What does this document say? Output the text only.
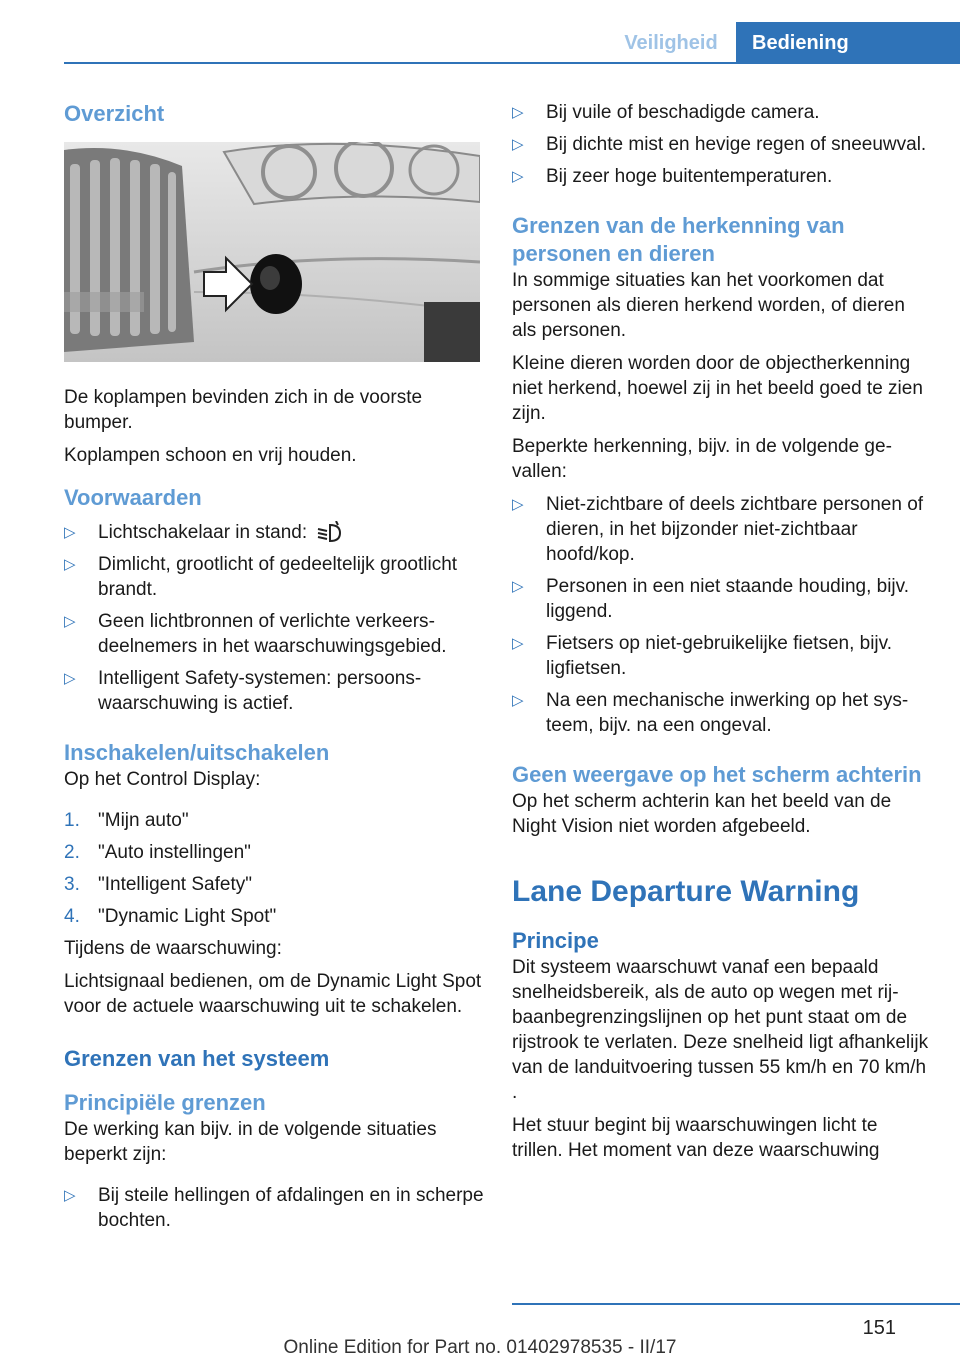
Veiligheid	Bediening
Overzicht

De koplampen bevinden zich in de voorste bumper.

Koplampen schoon en vrij houden.

Voorwaarden
▷ Lichtschakelaar in stand:
▷ Dimlicht, grootlicht of gedeeltelijk grootlicht brandt.
▷ Geen lichtbronnen of verlichte verkeersdeelnemers in het waarschuwingsgebied.
▷ Intelligent Safety-systemen: persoonswaarschuwing is actief.
Inschakelen/uitschakelen

Op het Control Display:

1. "Mijn auto"
2. "Auto instellingen"
3. "Intelligent Safety"
4. "Dynamic Light Spot"

Tijdens de waarschuwing:

Lichtsignaal bedienen, om de Dynamic Light Spot voor de actuele waarschuwing uit te schakelen.

Grenzen van het systeem
Principiële grenzen

De werking kan bijv. in de volgende situaties beperkt zijn:

▷ Bij steile hellingen of afdalingen en in scherpe bochten.
▷ Bij vuile of beschadigde camera.
▷ Bij dichte mist en hevige regen of sneeuwval.
▷ Bij zeer hoge buitentemperaturen.
Grenzen van de herkenning van personen en dieren

In sommige situaties kan het voorkomen dat personen als dieren herkend worden, of dieren als personen.

Kleine dieren worden door de objectherkenning niet herkend, hoewel zij in het beeld goed te zien zijn.

Beperkte herkenning, bijv. in de volgende gevallen:

▷ Niet-zichtbare of deels zichtbare personen of dieren, in het bijzonder niet-zichtbaar hoofd/kop.
▷ Personen in een niet staande houding, bijv. liggend.
▷ Fietsers op niet-gebruikelijke fietsen, bijv. ligfietsen.
▷ Na een mechanische inwerking op het systeem, bijv. na een ongeval.
Geen weergave op het scherm achterin

Op het scherm achterin kan het beeld van de Night Vision niet worden afgebeeld.

Lane Departure Warning
Principe

Dit systeem waarschuwt vanaf een bepaald snelheidsbereik, als de auto op wegen met rijbaanbegrenzingslijnen op het punt staat om de rijstrook te verlaten. Deze snelheid ligt afhankelijk van de landuitvoering tussen 55 km/h en 70 km/h .

Het stuur begint bij waarschuwingen licht te trillen. Het moment van deze waarschuwing

151
Online Edition for Part no. 01402978535 - II/17
